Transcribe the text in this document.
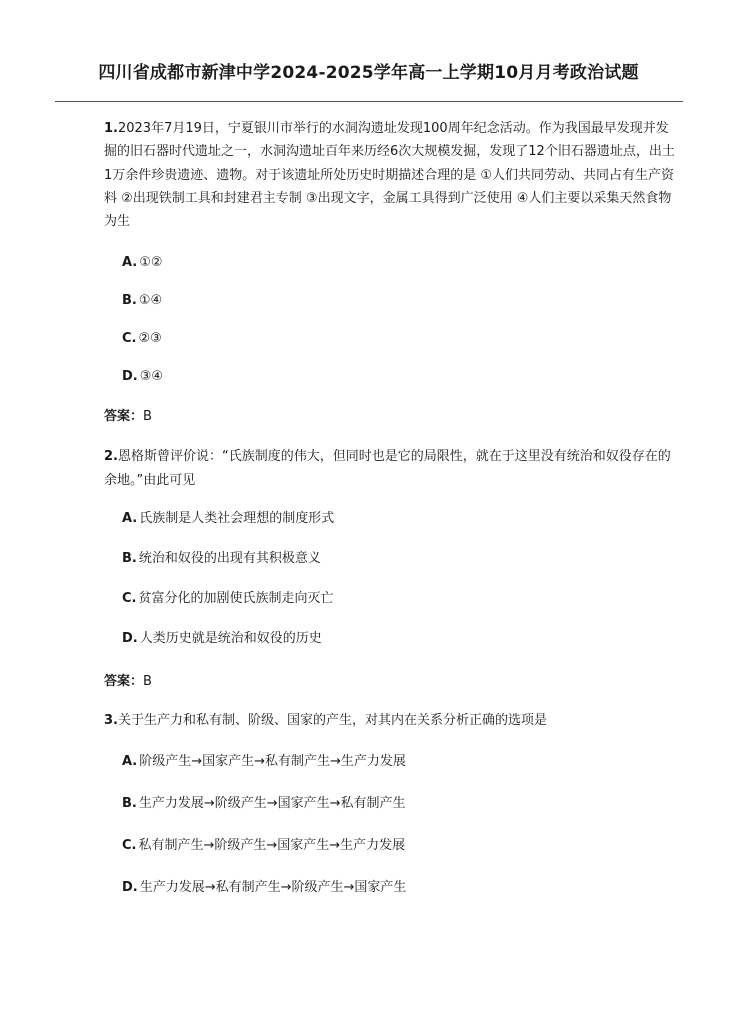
四川省成都市新津中学2024-2025学年高一上学期10月月考政治试题

1.2023年7月19日，宁夏银川市举行的水洞沟遗址发现100周年纪念活动。作为我国最早发现并发掘的旧石器时代遗址之一，水洞沟遗址百年来历经6次大规模发掘，发现了12个旧石器遗址点，出土1万余件珍贵遗迹、遗物。对于该遗址所处历史时期描述合理的是 ①人们共同劳动、共同占有生产资料 ②出现铁制工具和封建君主专制 ③出现文字，金属工具得到广泛使用 ④人们主要以采集天然食物为生

A. ①②
B. ①④
C. ②③
D. ③④
答案：B

2.恩格斯曾评价说：“氏族制度的伟大，但同时也是它的局限性，就在于这里没有统治和奴役存在的余地。”由此可见

A. 氏族制是人类社会理想的制度形式
B. 统治和奴役的出现有其积极意义
C. 贫富分化的加剧使氏族制走向灭亡
D. 人类历史就是统治和奴役的历史
答案：B

3.关于生产力和私有制、阶级、国家的产生，对其内在关系分析正确的选项是

A. 阶级产生→国家产生→私有制产生→生产力发展
B. 生产力发展→阶级产生→国家产生→私有制产生
C. 私有制产生→阶级产生→国家产生→生产力发展
D. 生产力发展→私有制产生→阶级产生→国家产生
